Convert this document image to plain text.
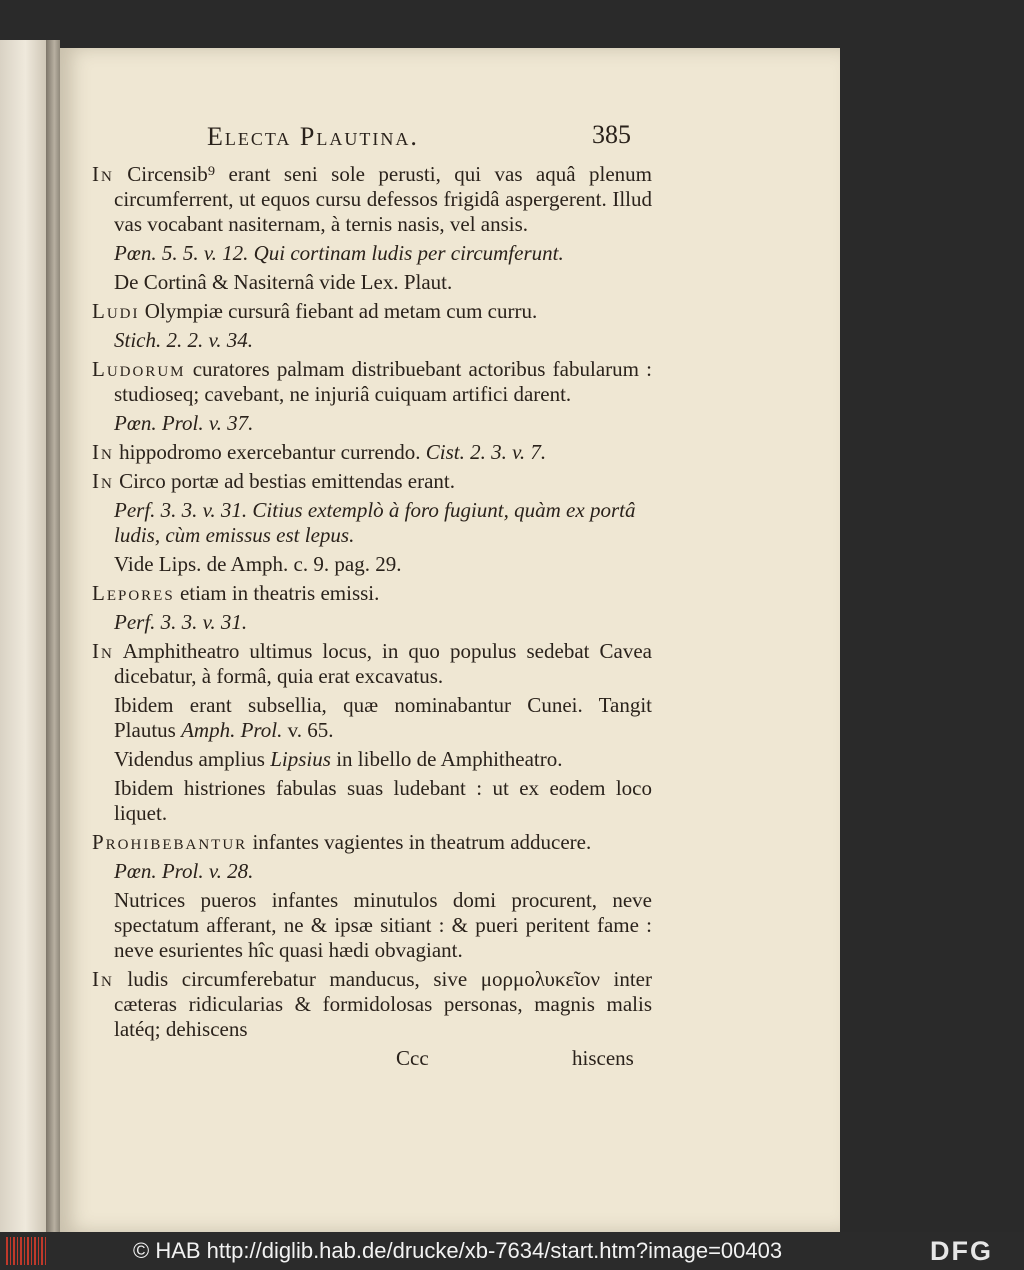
Electa Plautina.	385
In Circensib⁹ erant seni sole perusti, qui vas aquâ plenum circumferrent, ut equos cursu defessos frigidâ aspergerent. Illud vas vocabant nasiternam, à ternis nasis, vel ansis.
Pœn. 5. 5. v. 12. Qui cortinam ludis per circumferunt.
De Cortinâ & Nasiternâ vide Lex. Plaut.
Ludi Olympiæ cursurâ fiebant ad metam cum curru.
Stich. 2. 2. v. 34.
Ludorum curatores palmam distribuebant actoribus fabularum : studioseq; cavebant, ne injuriâ cuiquam artifici darent.
Pœn. Prol. v. 37.
In hippodromo exercebantur currendo. Cist. 2. 3. v. 7.
In Circo portæ ad bestias emittendas erant.
Perf. 3. 3. v. 31. Citius extemplò à foro fugiunt, quàm ex portâ ludis, cùm emissus est lepus.
Vide Lips. de Amph. c. 9. pag. 29.
Lepores etiam in theatris emissi.
Perf. 3. 3. v. 31.
In Amphitheatro ultimus locus, in quo populus sedebat Cavea dicebatur, à formâ, quia erat excavatus.
Ibidem erant subsellia, quæ nominabantur Cunei. Tangit Plautus Amph. Prol. v. 65.
Videndus amplius Lipsius in libello de Amphitheatro.
Ibidem histriones fabulas suas ludebant : ut ex eodem loco liquet.
Prohibebantur infantes vagientes in theatrum adducere.
Pœn. Prol. v. 28.
Nutrices pueros infantes minutulos domi procurent, neve spectatum afferant, ne & ipsæ sitiant : & pueri peritent fame : neve esurientes hîc quasi hædi obvagiant.
In ludis circumferebatur manducus, sive μορμολυκεῖον inter cæteras ridicularias & formidolosas personas, magnis malis latéq; dehiscens
Ccc	hiscens
© HAB http://diglib.hab.de/drucke/xb-7634/start.htm?image=00403	DFG
